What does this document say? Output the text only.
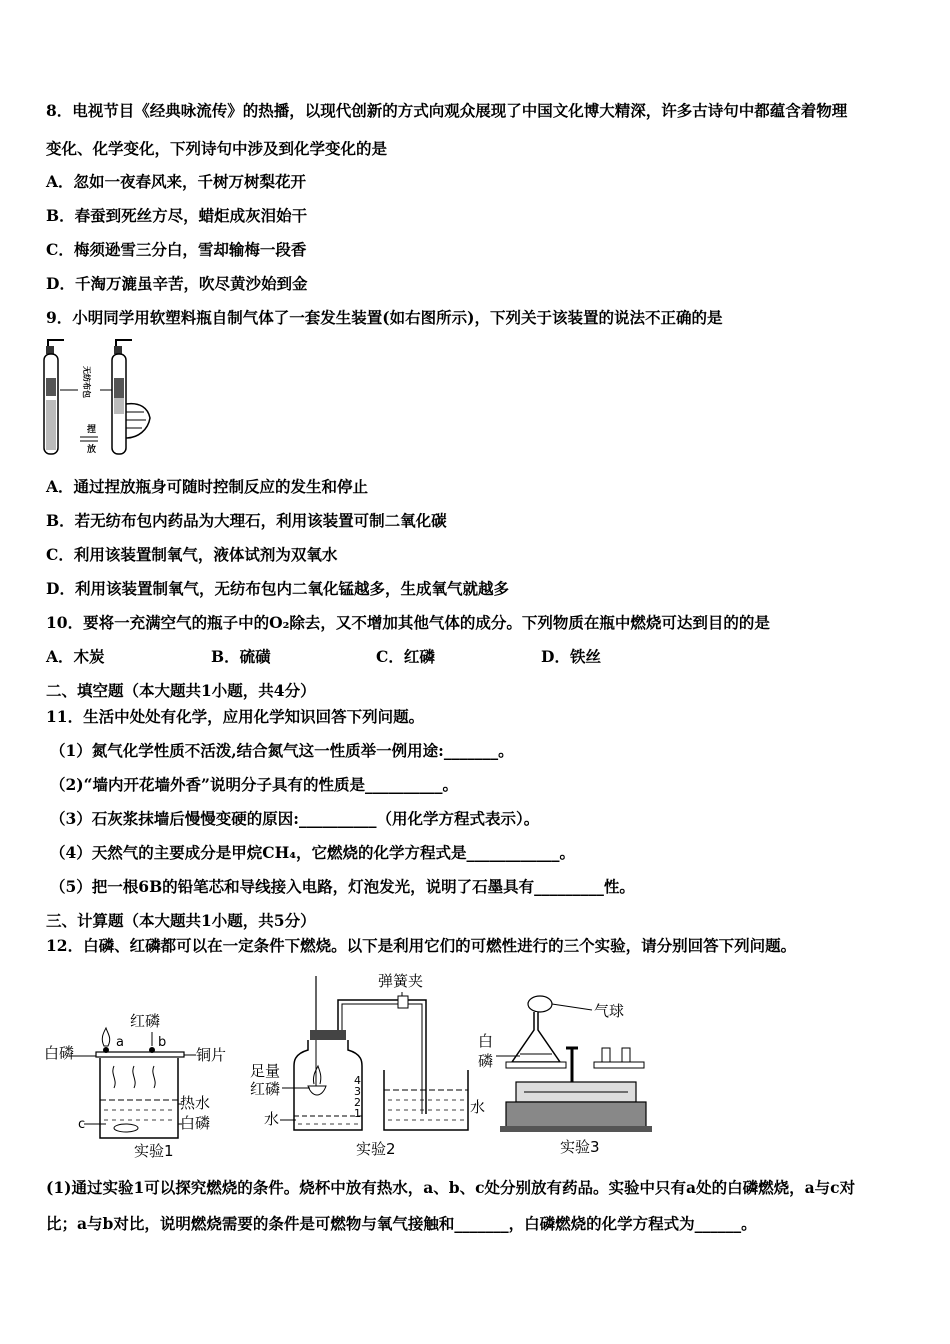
8．电视节目《经典咏流传》的热播，以现代创新的方式向观众展现了中国文化博大精深，许多古诗句中都蕴含着物理
变化、化学变化，下列诗句中涉及到化学变化的是
A．忽如一夜春风来，千树万树梨花开
B．春蚕到死丝方尽，蜡炬成灰泪始干
C．梅须逊雪三分白，雪却输梅一段香
D．千淘万漉虽辛苦，吹尽黄沙始到金
9．小明同学用软塑料瓶自制气体了一套发生装置(如右图所示)，下列关于该装置的说法不正确的是
无纺布包
捏
放
A．通过捏放瓶身可随时控制反应的发生和停止
B．若无纺布包内药品为大理石，利用该装置可制二氧化碳
C．利用该装置制氧气，液体试剂为双氧水
D．利用该装置制氧气，无纺布包内二氧化锰越多，生成氧气就越多
10．要将一充满空气的瓶子中的O₂除去，又不增加其他气体的成分。下列物质在瓶中燃烧可达到目的的是
A．木炭	B．硫磺	C．红磷	D．铁丝
二、填空题（本大题共1小题，共4分）
11．生活中处处有化学，应用化学知识回答下列问题。
（1）氮气化学性质不活泼,结合氮气这一性质举一例用途:_______。
（2)“墙内开花墙外香”说明分子具有的性质是__________。
（3）石灰浆抹墙后慢慢变硬的原因:__________（用化学方程式表示）。
（4）天然气的主要成分是甲烷CH₄，它燃烧的化学方程式是____________。
（5）把一根6B的铅笔芯和导线接入电路，灯泡发光，说明了石墨具有_________性。
三、计算题（本大题共1小题，共5分）
12．白磷、红磷都可以在一定条件下燃烧。以下是利用它们的可燃性进行的三个实验，请分别回答下列问题。
红磷
白磷
a	b
c
铜片
热水
白磷
实验1
弹簧夹
4
3
2
1
足量
红磷
水
水
实验2
气球
白
磷
实验3
(1)通过实验1可以探究燃烧的条件。烧杯中放有热水，a、b、c处分别放有药品。实验中只有a处的白磷燃烧，a与c对
比；a与b对比，说明燃烧需要的条件是可燃物与氧气接触和_______，白磷燃烧的化学方程式为______。
